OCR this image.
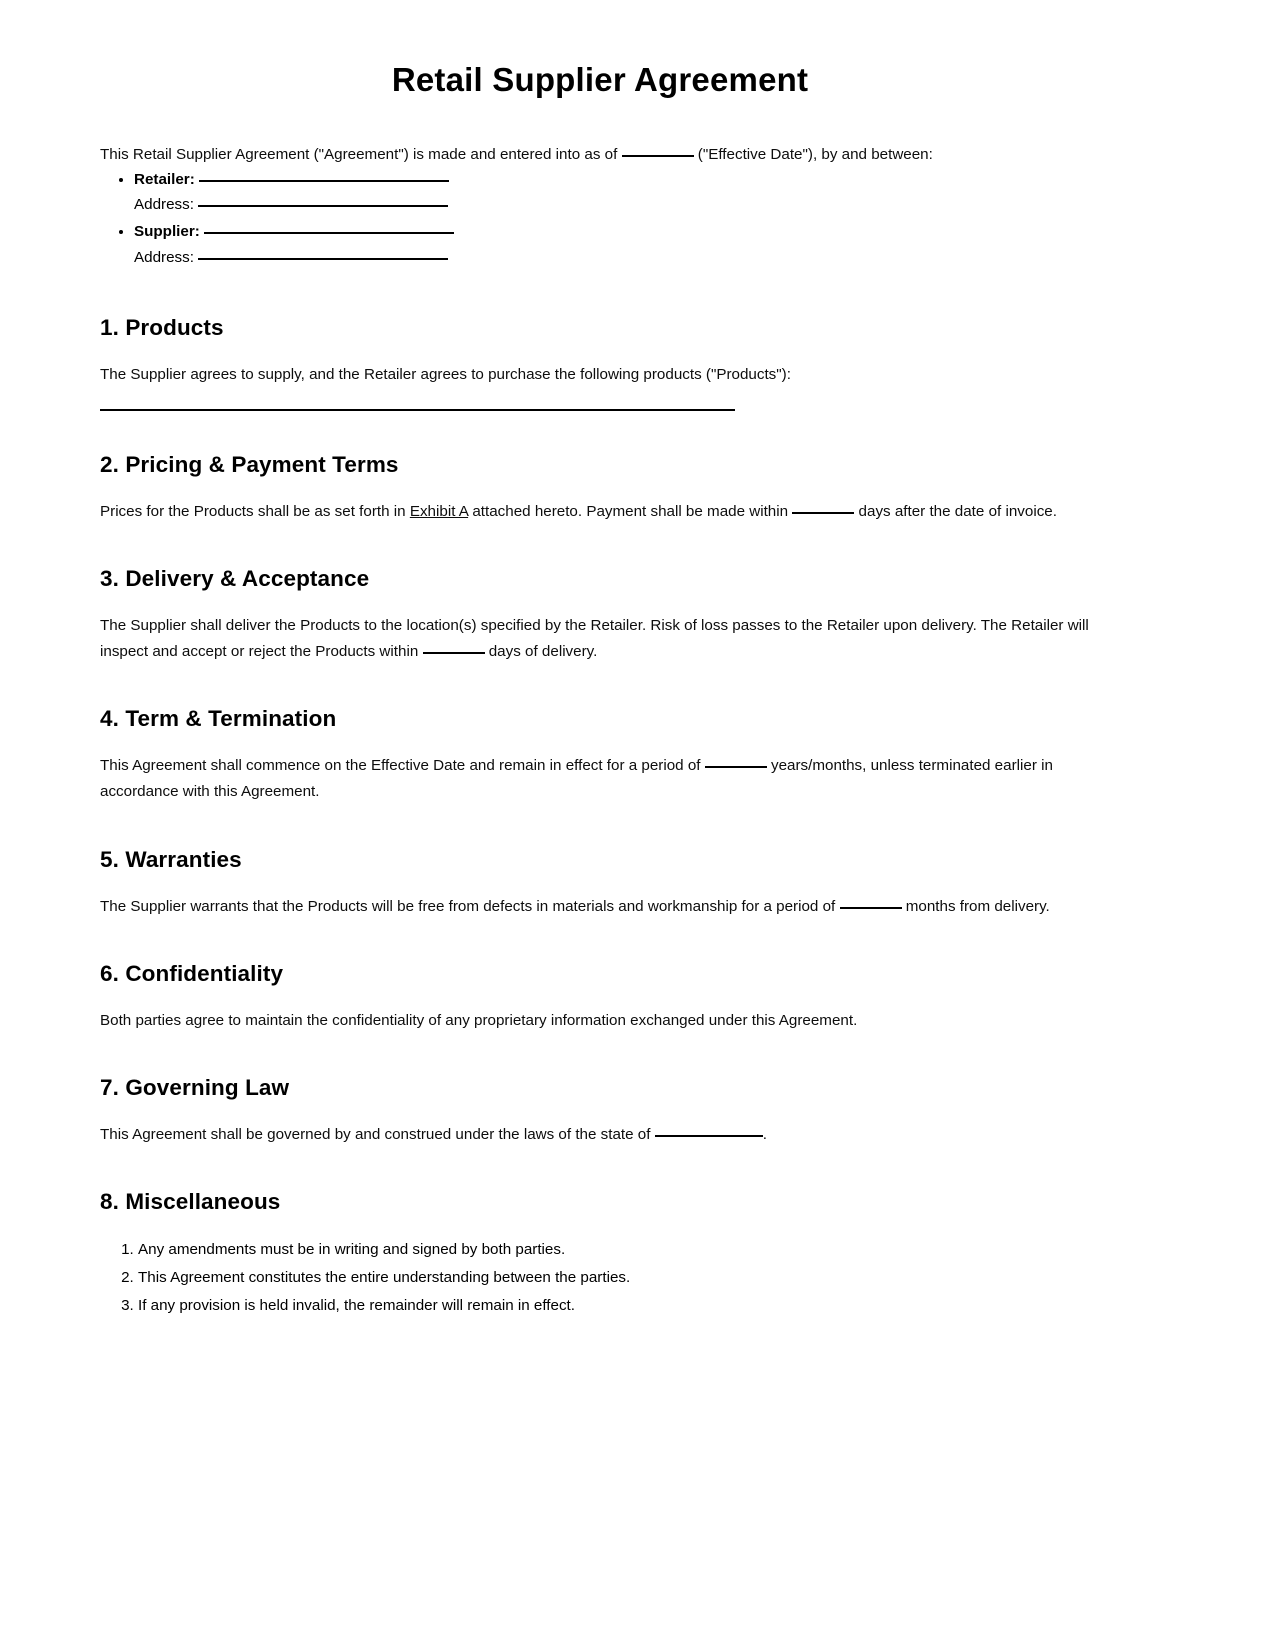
Retail Supplier Agreement

This Retail Supplier Agreement ("Agreement") is made and entered into as of	("Effective Date"), by and between:

• Retailer:
Address:
• Supplier:
Address:
1. Products

The Supplier agrees to supply, and the Retailer agrees to purchase the following products ("Products"):

2. Pricing & Payment Terms

Prices for the Products shall be as set forth in Exhibit A attached hereto. Payment shall be made within	days after the date of invoice.

3. Delivery & Acceptance

The Supplier shall deliver the Products to the location(s) specified by the Retailer. Risk of loss passes to the Retailer upon delivery. The Retailer will inspect and accept or reject the Products within	days of delivery.

4. Term & Termination

This Agreement shall commence on the Effective Date and remain in effect for a period of	years/months, unless terminated earlier in accordance with this Agreement.

5. Warranties

The Supplier warrants that the Products will be free from defects in materials and workmanship for a period of	months from delivery.

6. Confidentiality

Both parties agree to maintain the confidentiality of any proprietary information exchanged under this Agreement.

7. Governing Law

This Agreement shall be governed by and construed under the laws of the state of	.

8. Miscellaneous
1. Any amendments must be in writing and signed by both parties.
2. This Agreement constitutes the entire understanding between the parties.
3. If any provision is held invalid, the remainder will remain in effect.
